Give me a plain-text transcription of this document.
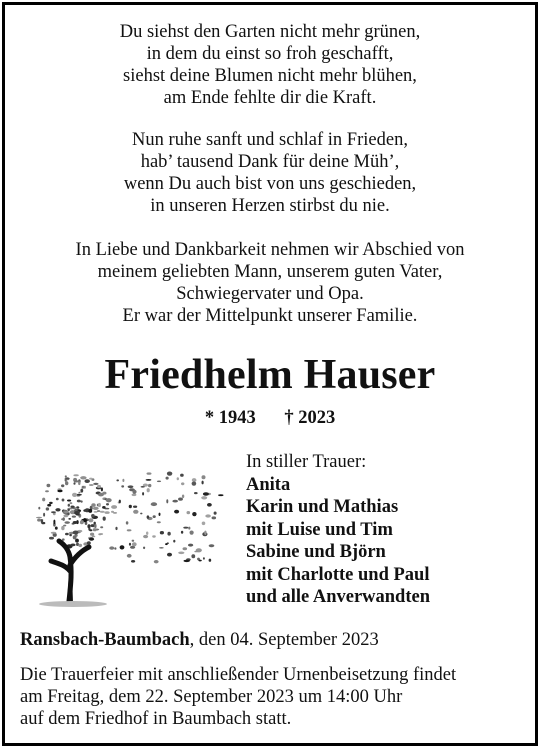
Du siehst den Garten nicht mehr grünen,
in dem du einst so froh geschafft,
siehst deine Blumen nicht mehr blühen,
am Ende fehlte dir die Kraft.
Nun ruhe sanft und schlaf in Frieden,
hab’ tausend Dank für deine Müh’,
wenn Du auch bist von uns geschieden,
in unseren Herzen stirbst du nie.
In Liebe und Dankbarkeit nehmen wir Abschied von
meinem geliebten Mann, unserem guten Vater,
Schwiegervater und Opa.
Er war der Mittelpunkt unserer Familie.
Friedhelm Hauser
* 1943 † 2023
In stiller Trauer:
Anita
Karin und Mathias
mit Luise und Tim
Sabine und Björn
mit Charlotte und Paul
und alle Anverwandten
Ransbach-Baumbach, den 04. September 2023
Die Trauerfeier mit anschließender Urnenbeisetzung findet
am Freitag, dem 22. September 2023 um 14:00 Uhr
auf dem Friedhof in Baumbach statt.
